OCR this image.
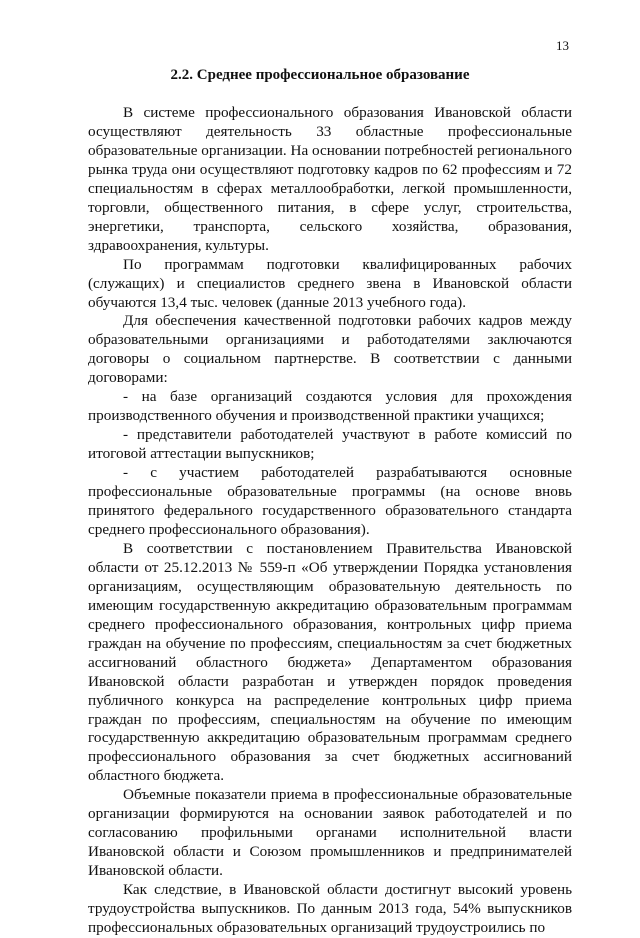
13
2.2. Среднее профессиональное образование

В системе профессионального образования Ивановской области осуществляют деятельность 33 областные профессиональные образовательные организации. На основании потребностей регионального рынка труда они осуществляют подготовку кадров по 62 профессиям и 72 специальностям в сферах металлообработки, легкой промышленности, торговли, общественного питания, в сфере услуг, строительства, энергетики, транспорта, сельского хозяйства, образования, здравоохранения, культуры.

По программам подготовки квалифицированных рабочих (служащих) и специалистов среднего звена в Ивановской области обучаются 13,4 тыс. человек (данные 2013 учебного года).

Для обеспечения качественной подготовки рабочих кадров между образовательными организациями и работодателями заключаются договоры о социальном партнерстве. В соответствии с данными договорами:

- на базе организаций создаются условия для прохождения производственного обучения и производственной практики учащихся;

- представители работодателей участвуют в работе комиссий по итоговой аттестации выпускников;

- с участием работодателей разрабатываются основные профессиональные образовательные программы (на основе вновь принятого федерального государственного образовательного стандарта среднего профессионального образования).

В соответствии с постановлением Правительства Ивановской области от 25.12.2013 № 559-п «Об утверждении Порядка установления организациям, осуществляющим образовательную деятельность по имеющим государственную аккредитацию образовательным программам среднего профессионального образования, контрольных цифр приема граждан на обучение по профессиям, специальностям за счет бюджетных ассигнований областного бюджета» Департаментом образования Ивановской области разработан и утвержден порядок проведения публичного конкурса на распределение контрольных цифр приема граждан по профессиям, специальностям на обучение по имеющим государственную аккредитацию образовательным программам среднего профессионального образования за счет бюджетных ассигнований областного бюджета.

Объемные показатели приема в профессиональные образовательные организации формируются на основании заявок работодателей и по согласованию профильными органами исполнительной власти Ивановской области и Союзом промышленников и предпринимателей Ивановской области.

Как следствие, в Ивановской области достигнут высокий уровень трудоустройства выпускников. По данным 2013 года, 54% выпускников профессиональных образовательных организаций трудоустроились по
